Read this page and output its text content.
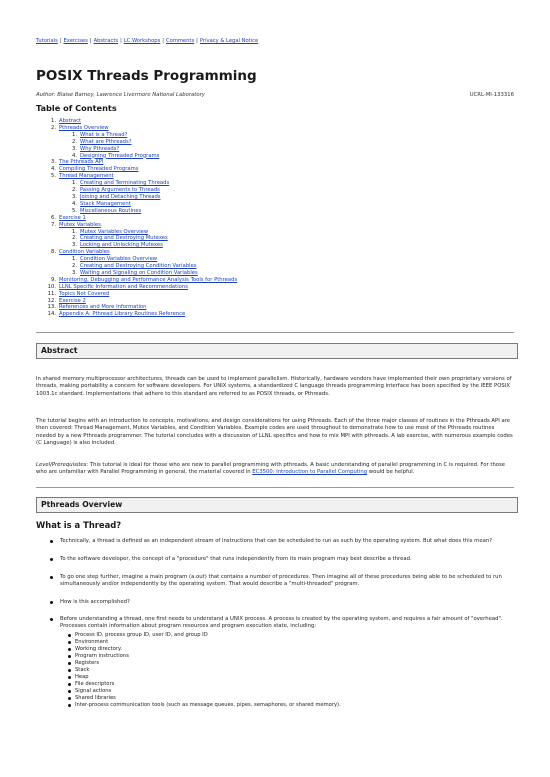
Tutorials | Exercises | Abstracts | LC Workshops | Comments | Privacy & Legal Notice
POSIX Threads Programming
Author: Blaise Barney, Lawrence Livermore National Laboratory	UCRL-MI-133316
Table of Contents
1. Abstract
2. Pthreads Overview
1. What is a Thread?
2. What are Pthreads?
3. Why Pthreads?
4. Designing Threaded Programs
3. The Pthreads API
4. Compiling Threaded Programs
5. Thread Management
1. Creating and Terminating Threads
2. Passing Arguments to Threads
3. Joining and Detaching Threads
4. Stack Management
5. Miscellaneous Routines
6. Exercise 1
7. Mutex Variables
1. Mutex Variables Overview
2. Creating and Destroying Mutexes
3. Locking and Unlocking Mutexes
8. Condition Variables
1. Condition Variables Overview
2. Creating and Destroying Condition Variables
3. Waiting and Signaling on Condition Variables
9. Monitoring, Debugging and Performance Analysis Tools for Pthreads
10. LLNL Specific Information and Recommendations
11. Topics Not Covered
12. Exercise 2
13. References and More Information
14. Appendix A: Pthread Library Routines Reference
Abstract

In shared memory multiprocessor architectures, threads can be used to implement parallelism. Historically, hardware vendors have implemented their own proprietary versions of threads, making portability a concern for software developers. For UNIX systems, a standardized C language threads programming interface has been specified by the IEEE POSIX 1003.1c standard. Implementations that adhere to this standard are referred to as POSIX threads, or Pthreads.

The tutorial begins with an introduction to concepts, motivations, and design considerations for using Pthreads. Each of the three major classes of routines in the Pthreads API are then covered: Thread Management, Mutex Variables, and Condition Variables. Example codes are used throughout to demonstrate how to use most of the Pthreads routines needed by a new Pthreads programmer. The tutorial concludes with a discussion of LLNL specifics and how to mix MPI with pthreads. A lab exercise, with numerous example codes (C Language) is also included.

Level/Prerequisites: This tutorial is ideal for those who are new to parallel programming with pthreads. A basic understanding of parallel programming in C is required. For those who are unfamiliar with Parallel Programming in general, the material covered in EC3500: Introduction to Parallel Computing would be helpful.

Pthreads Overview
What is a Thread?
Technically, a thread is defined as an independent stream of instructions that can be scheduled to run as such by the operating system. But what does this mean?
To the software developer, the concept of a "procedure" that runs independently from its main program may best describe a thread.
To go one step further, imagine a main program (a.out) that contains a number of procedures. Then imagine all of these procedures being able to be scheduled to run simultaneously and/or independently by the operating system. That would describe a "multi-threaded" program.
How is this accomplished?
Before understanding a thread, one first needs to understand a UNIX process. A process is created by the operating system, and requires a fair amount of "overhead". Processes contain information about program resources and program execution state, including:
Process ID, process group ID, user ID, and group ID
Environment
Working directory.
Program instructions
Registers
Stack
Heap
File descriptors
Signal actions
Shared libraries
Inter-process communication tools (such as message queues, pipes, semaphores, or shared memory).
